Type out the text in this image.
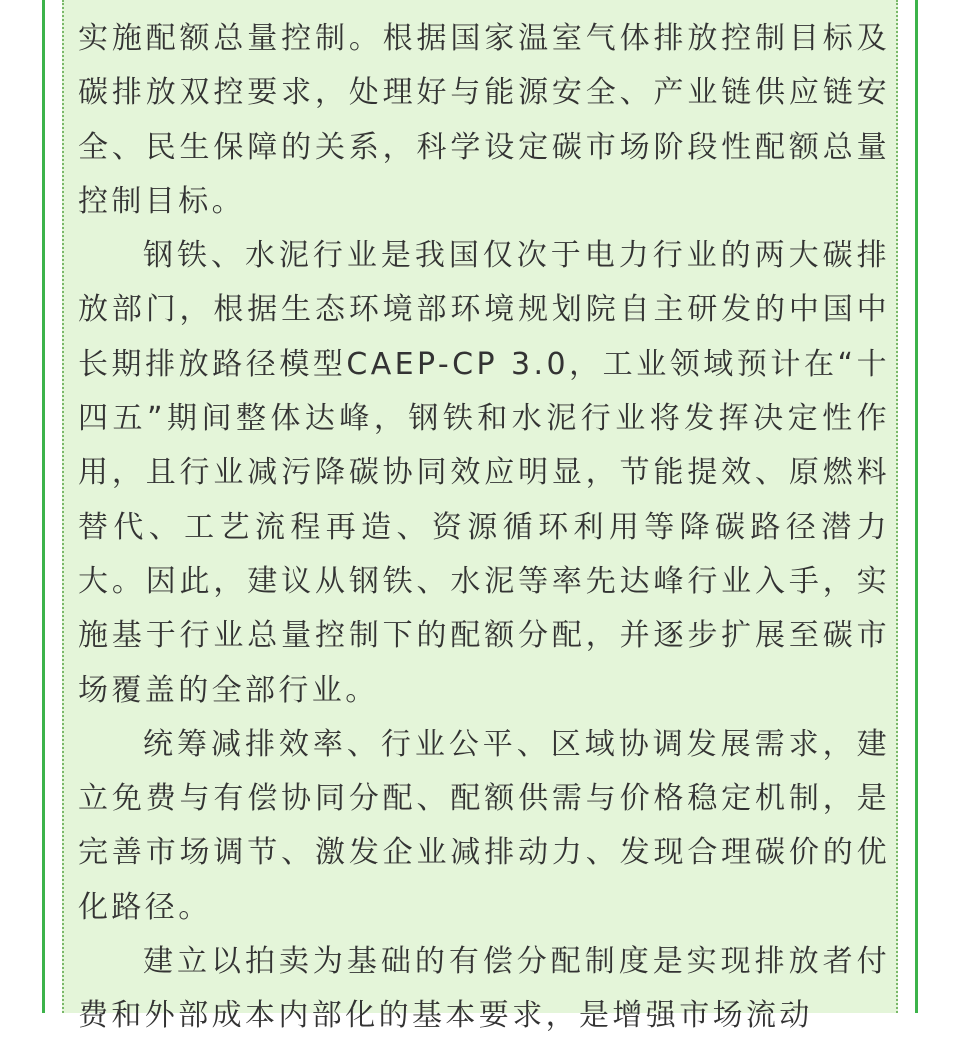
实施配额总量控制。根据国家温室气体排放控制目标及碳排放双控要求，处理好与能源安全、产业链供应链安全、民生保障的关系，科学设定碳市场阶段性配额总量控制目标。

钢铁、水泥行业是我国仅次于电力行业的两大碳排放部门，根据生态环境部环境规划院自主研发的中国中长期排放路径模型CAEP-CP 3.0，工业领域预计在“十四五”期间整体达峰，钢铁和水泥行业将发挥决定性作用，且行业减污降碳协同效应明显，节能提效、原燃料替代、工艺流程再造、资源循环利用等降碳路径潜力大。因此，建议从钢铁、水泥等率先达峰行业入手，实施基于行业总量控制下的配额分配，并逐步扩展至碳市场覆盖的全部行业。

统筹减排效率、行业公平、区域协调发展需求，建立免费与有偿协同分配、配额供需与价格稳定机制，是完善市场调节、激发企业减排动力、发现合理碳价的优化路径。

建立以拍卖为基础的有偿分配制度是实现排放者付费和外部成本内部化的基本要求，是增强市场流动
